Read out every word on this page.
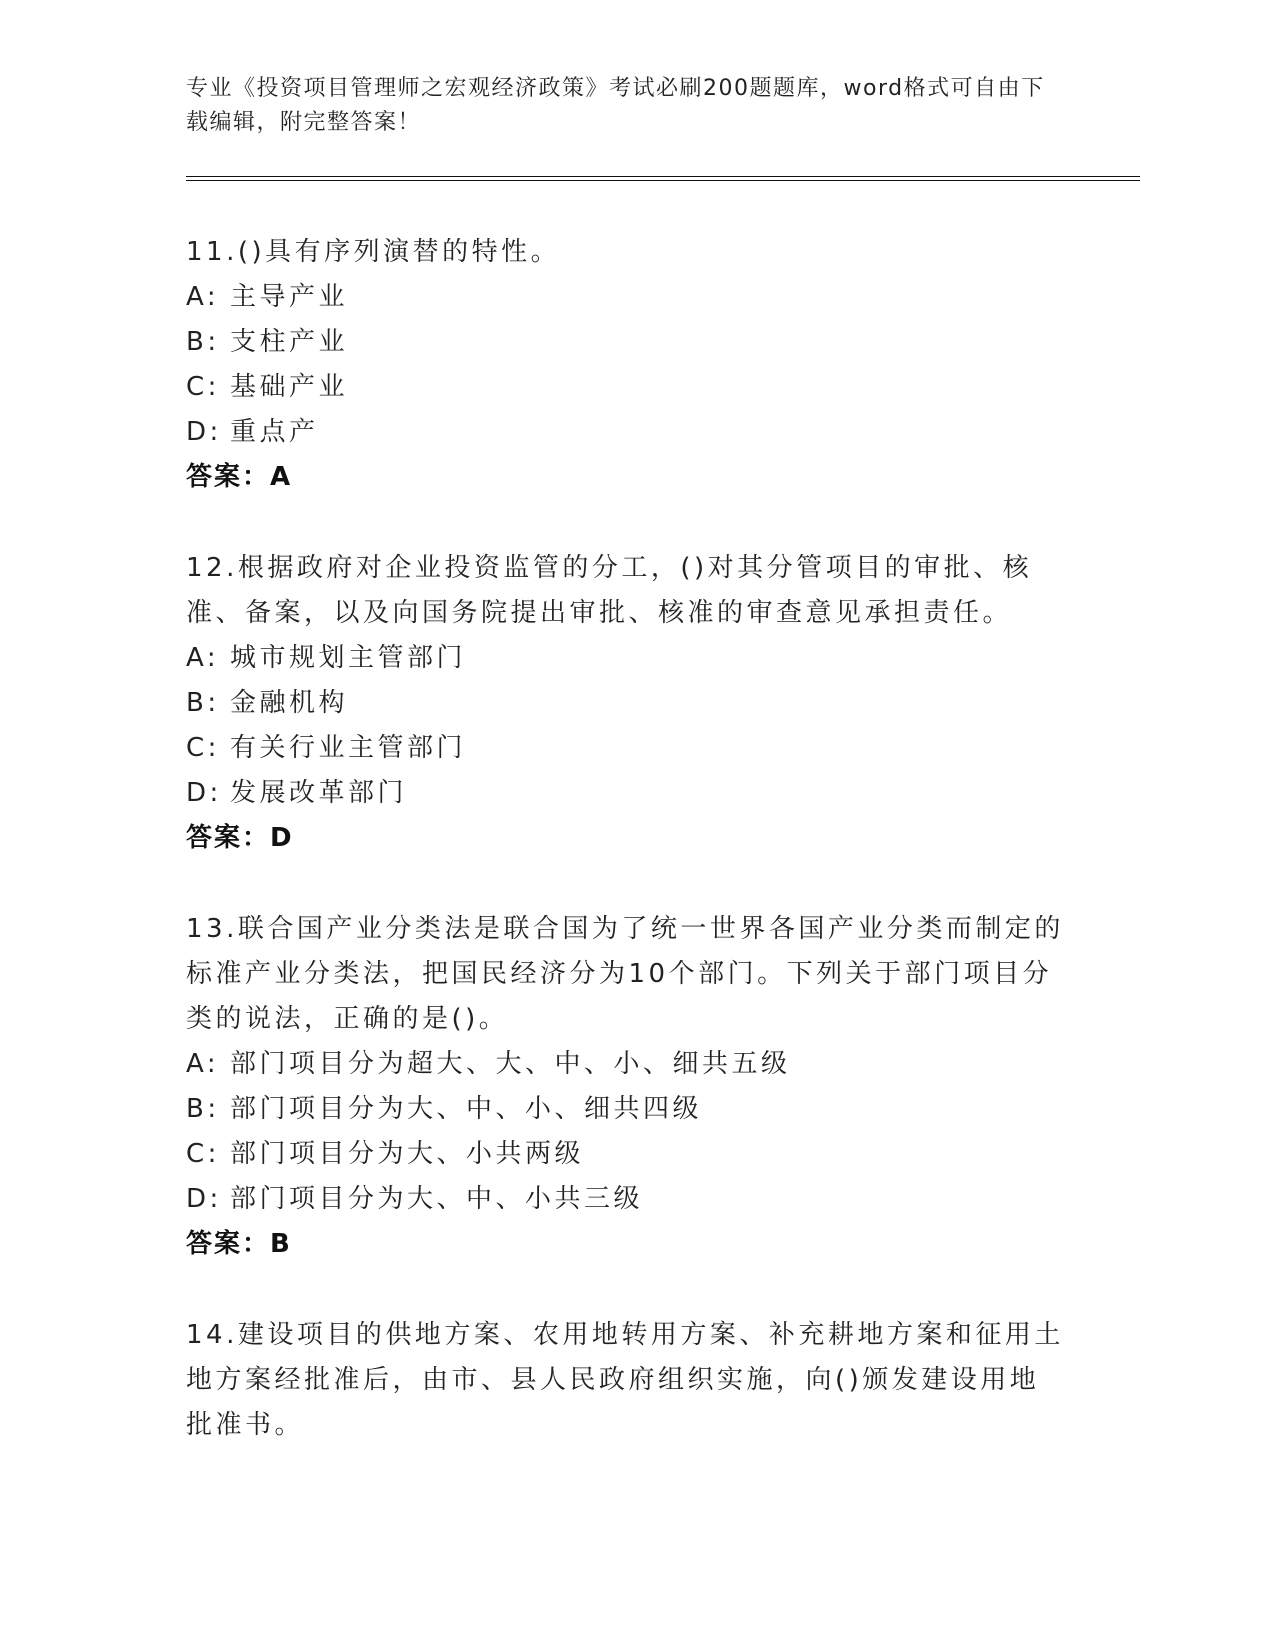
专业《投资项目管理师之宏观经济政策》考试必刷200题题库，word格式可自由下载编辑，附完整答案！
11.()具有序列演替的特性。
A: 主导产业
B: 支柱产业
C: 基础产业
D: 重点产
答案：A
12.根据政府对企业投资监管的分工，()对其分管项目的审批、核准、备案，以及向国务院提出审批、核准的审查意见承担责任。
A: 城市规划主管部门
B: 金融机构
C: 有关行业主管部门
D: 发展改革部门
答案：D
13.联合国产业分类法是联合国为了统一世界各国产业分类而制定的标准产业分类法，把国民经济分为10个部门。下列关于部门项目分类的说法，正确的是()。
A: 部门项目分为超大、大、中、小、细共五级
B: 部门项目分为大、中、小、细共四级
C: 部门项目分为大、小共两级
D: 部门项目分为大、中、小共三级
答案：B
14.建设项目的供地方案、农用地转用方案、补充耕地方案和征用土地方案经批准后，由市、县人民政府组织实施，向()颁发建设用地批准书。
